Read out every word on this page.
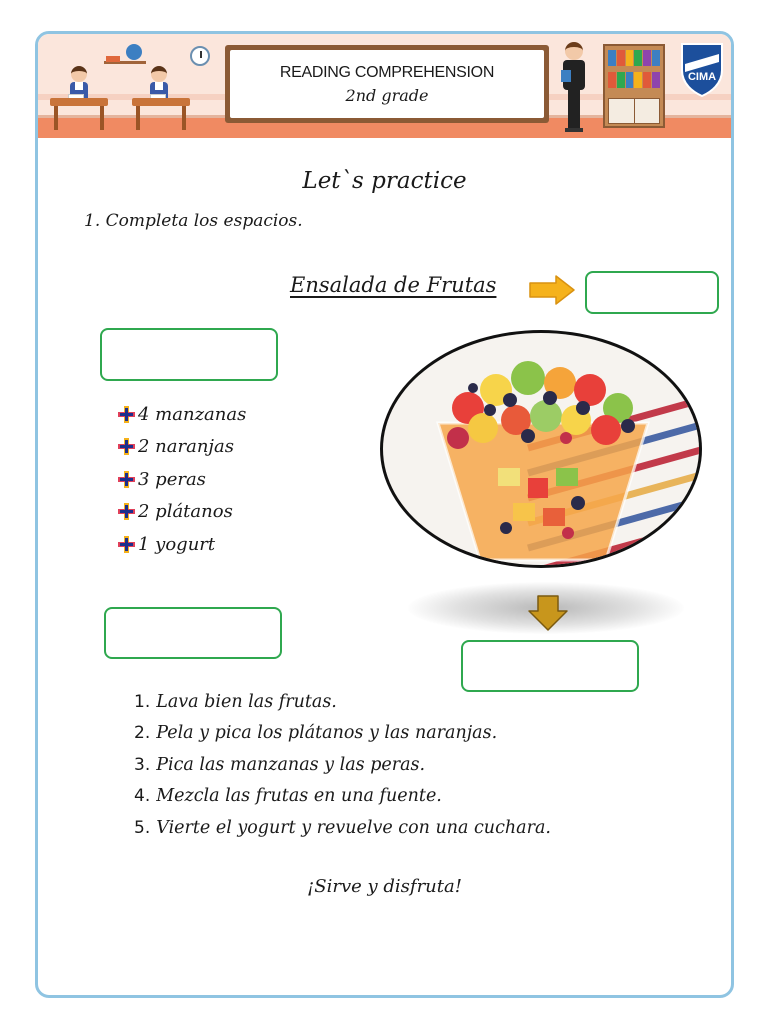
READING COMPREHENSION
2nd grade
CIMA
Let`s practice
1. Completa los espacios.
Ensalada de Frutas
4 manzanas
2 naranjas
3 peras
2 plátanos
1 yogurt
1. Lava bien las frutas.
2. Pela y pica los plátanos y las naranjas.
3. Pica las manzanas y las peras.
4. Mezcla las frutas en una fuente.
5. Vierte el yogurt y revuelve con una cuchara.
¡Sirve y disfruta!
